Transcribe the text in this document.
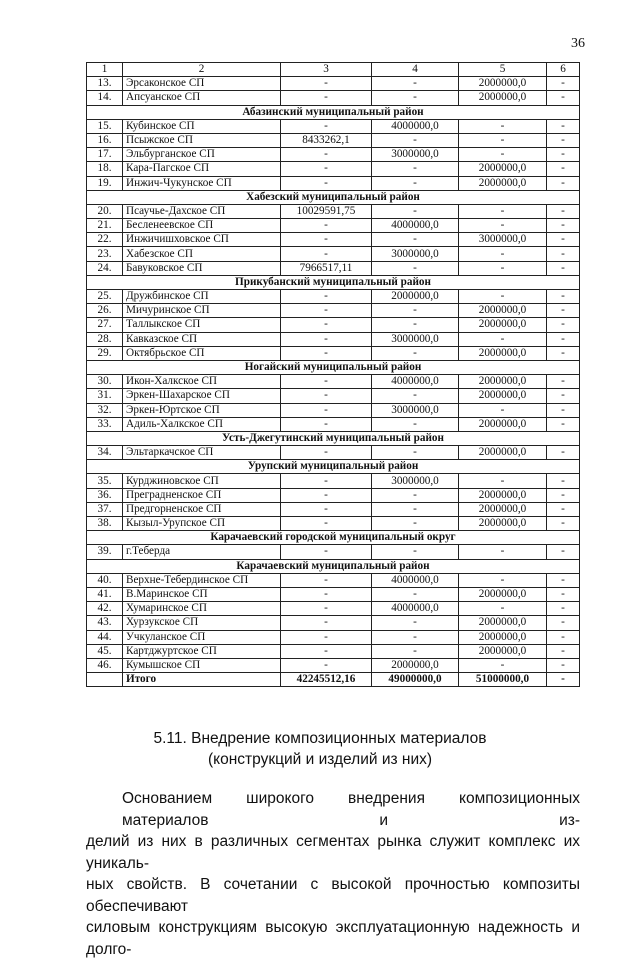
36
1	2	3	4	5	6
13.	Эрсаконское СП	-	-	2000000,0	-
14.	Апсуанское СП	-	-	2000000,0	-
Абазинский муниципальный район					
15.	Кубинское СП	-	4000000,0	-	-
16.	Псыжское СП	8433262,1	-	-	-
17.	Эльбурганское СП	-	3000000,0	-	-
18.	Кара-Пагское СП	-	-	2000000,0	-
19.	Инжич-Чукунское СП	-	-	2000000,0	-
Хабезский муниципальный район					
20.	Псаучье-Дахское СП	10029591,75	-	-	-
21.	Бесленеевское СП	-	4000000,0	-	-
22.	Инжичишховское СП	-	-	3000000,0	-
23.	Хабезское СП	-	3000000,0	-	-
24.	Бавуковское СП	7966517,11	-	-	-
Прикубанский муниципальный район					
25.	Дружбинское СП	-	2000000,0	-	-
26.	Мичуринское СП	-	-	2000000,0	-
27.	Таллыкское СП	-	-	2000000,0	-
28.	Кавказское СП	-	3000000,0	-	-
29.	Октябрьское СП	-	-	2000000,0	-
Ногайский муниципальный район					
30.	Икон-Халкское СП	-	4000000,0	2000000,0	-
31.	Эркен-Шахарское СП	-	-	2000000,0	-
32.	Эркен-Юртское СП	-	3000000,0	-	-
33.	Адиль-Халкское СП	-	-	2000000,0	-
Усть-Джегутинский муниципальный район					
34.	Эльтаркачское СП	-	-	2000000,0	-
Урупский муниципальный район					
35.	Курджиновское СП	-	3000000,0	-	-
36.	Преградненское СП	-	-	2000000,0	-
37.	Предгорненское СП	-	-	2000000,0	-
38.	Кызыл-Урупское СП	-	-	2000000,0	-
Карачаевский городской муниципальный округ					
39.	г.Теберда	-	-	-	-
Карачаевский муниципальный район					
40.	Верхне-Тебердинское СП	-	4000000,0	-	-
41.	В.Маринское СП	-	-	2000000,0	-
42.	Хумаринское СП	-	4000000,0	-	-
43.	Хурзукское СП	-	-	2000000,0	-
44.	Учкуланское СП	-	-	2000000,0	-
45.	Картджуртское СП	-	-	2000000,0	-
46.	Кумышское СП	-	2000000,0	-	-
	Итого	42245512,16	49000000,0	51000000,0	-
5.11. Внедрение композиционных материалов
(конструкций и изделий из них)
Основанием широкого внедрения композиционных материалов и из-
делий из них в различных сегментах рынка служит комплекс их уникаль-
ных свойств. В сочетании с высокой прочностью композиты обеспечивают
силовым конструкциям высокую эксплуатационную надежность и долго-
